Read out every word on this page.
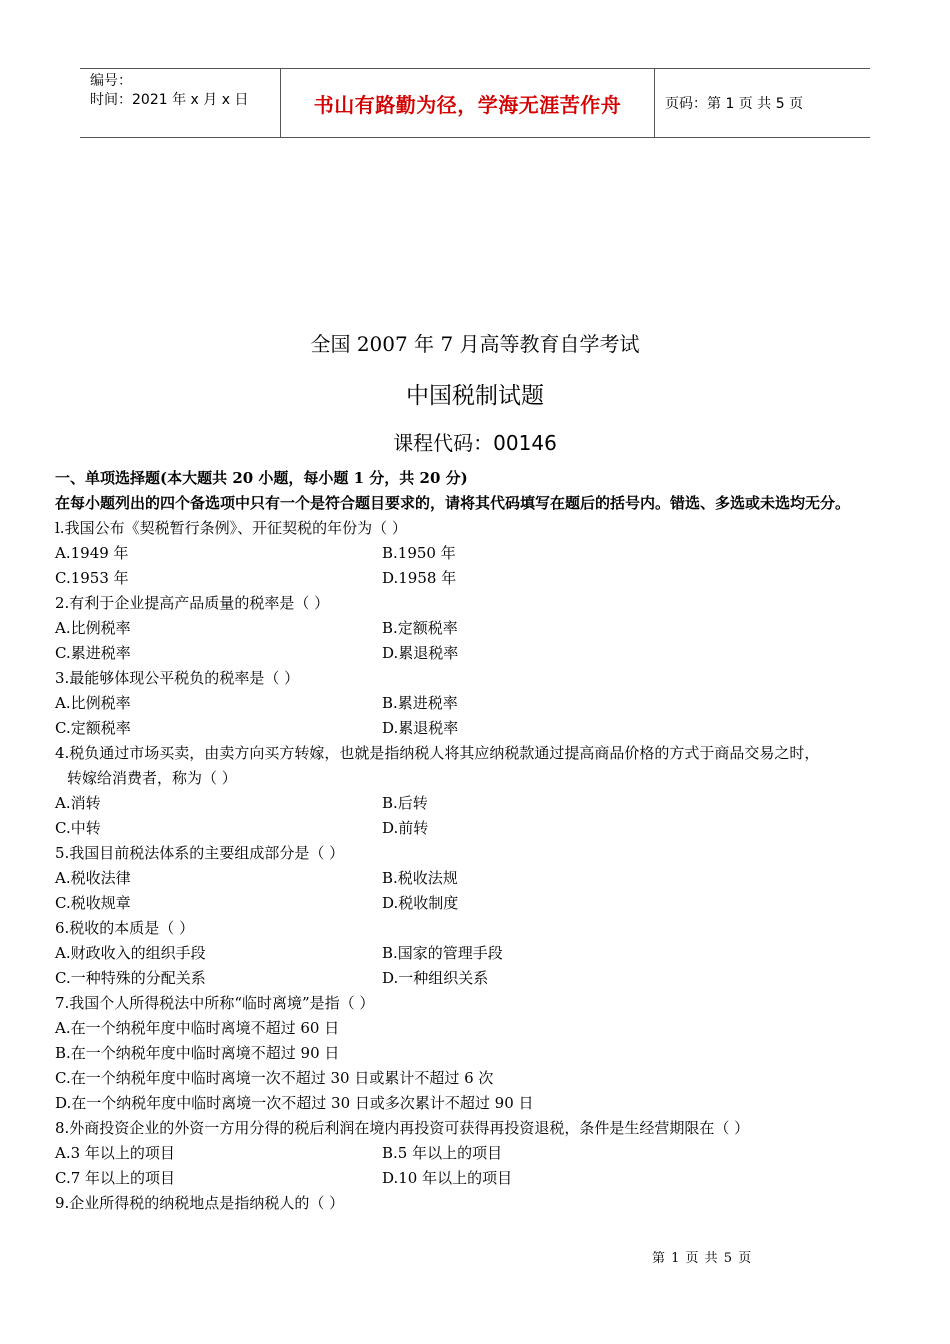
编号：
时间：2021 年 x 月 x 日	书山有路勤为径，学海无涯苦作舟	页码：第 1 页 共 5 页
全国 2007 年 7 月高等教育自学考试
中国税制试题
课程代码：00146
一、单项选择题(本大题共 20 小题，每小题 1 分，共 20 分)
在每小题列出的四个备选项中只有一个是符合题目要求的，请将其代码填写在题后的括号内。错选、多选或未选均无分。
l.我国公布《契税暂行条例》、开征契税的年份为（ ）
A.1949 年	B.1950 年
C.1953 年	D.1958 年
2.有利于企业提高产品质量的税率是（ ）
A.比例税率	B.定额税率
C.累进税率	D.累退税率
3.最能够体现公平税负的税率是（ ）
A.比例税率	B.累进税率
C.定额税率	D.累退税率
4.税负通过市场买卖，由卖方向买方转嫁，也就是指纳税人将其应纳税款通过提高商品价格的方式于商品交易之时，
转嫁给消费者，称为（ ）
A.消转	B.后转
C.中转	D.前转
5.我国目前税法体系的主要组成部分是（ ）
A.税收法律	B.税收法规
C.税收规章	D.税收制度
6.税收的本质是（ ）
A.财政收入的组织手段	B.国家的管理手段
C.一种特殊的分配关系	D.一种组织关系
7.我国个人所得税法中所称“临时离境”是指（ ）
A.在一个纳税年度中临时离境不超过 60 日
B.在一个纳税年度中临时离境不超过 90 日
C.在一个纳税年度中临时离境一次不超过 30 日或累计不超过 6 次
D.在一个纳税年度中临时离境一次不超过 30 日或多次累计不超过 90 日
8.外商投资企业的外资一方用分得的税后利润在境内再投资可获得再投资退税，条件是生经营期限在（ ）
A.3 年以上的项目	B.5 年以上的项目
C.7 年以上的项目	D.10 年以上的项目
9.企业所得税的纳税地点是指纳税人的（ ）
第 1 页 共 5 页
